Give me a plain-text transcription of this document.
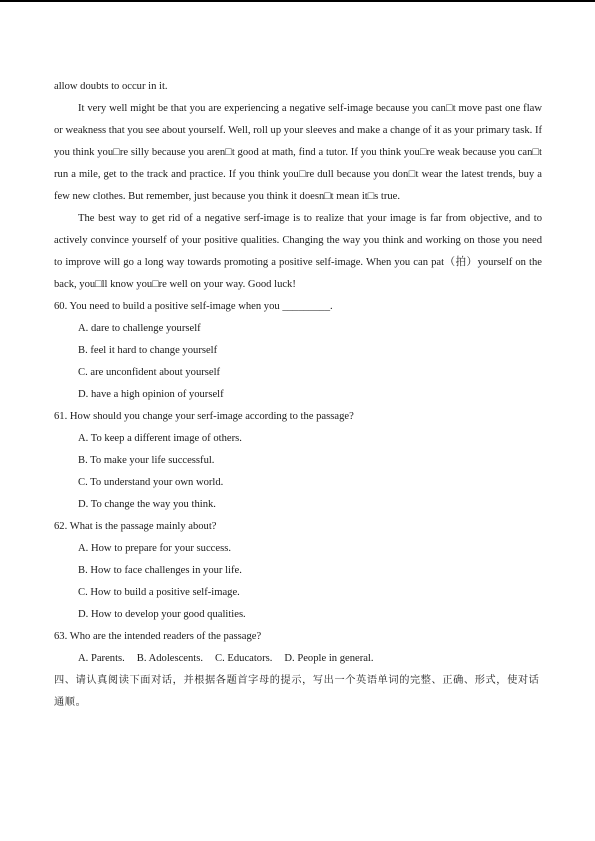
allow doubts to occur in it.

It very well might be that you are experiencing a negative self-image because you can□t move past one flaw or weakness that you see about yourself. Well, roll up your sleeves and make a change of it as your primary task. If you think you□re silly because you aren□t good at math, find a tutor. If you think you□re weak because you can□t run a mile, get to the track and practice. If you think you□re dull because you don□t wear the latest trends, buy a few new clothes. But remember, just because you think it doesn□t mean it□s true.

The best way to get rid of a negative serf-image is to realize that your image is far from objective, and to actively convince yourself of your positive qualities. Changing the way you think and working on those you need to improve will go a long way towards promoting a positive self-image. When you can pat（拍）yourself on the back, you□ll know you□re well on your way. Good luck!

60. You need to build a positive self-image when you _________.

A. dare to challenge yourself

B. feel it hard to change yourself

C. are unconfident about yourself

D. have a high opinion of yourself

61. How should you change your serf-image according to the passage?

A. To keep a different image of others.

B. To make your life successful.

C. To understand your own world.

D. To change the way you think.

62. What is the passage mainly about?

A. How to prepare for your success.

B. How to face challenges in your life.

C. How to build a positive self-image.

D. How to develop your good qualities.

63. Who are the intended readers of the passage?

A. Parents. B. Adolescents. C. Educators. D. People in general.

四、请认真阅读下面对话，并根据各题首字母的提示，写出一个英语单词的完整、正确、形式，使对话通顺。
